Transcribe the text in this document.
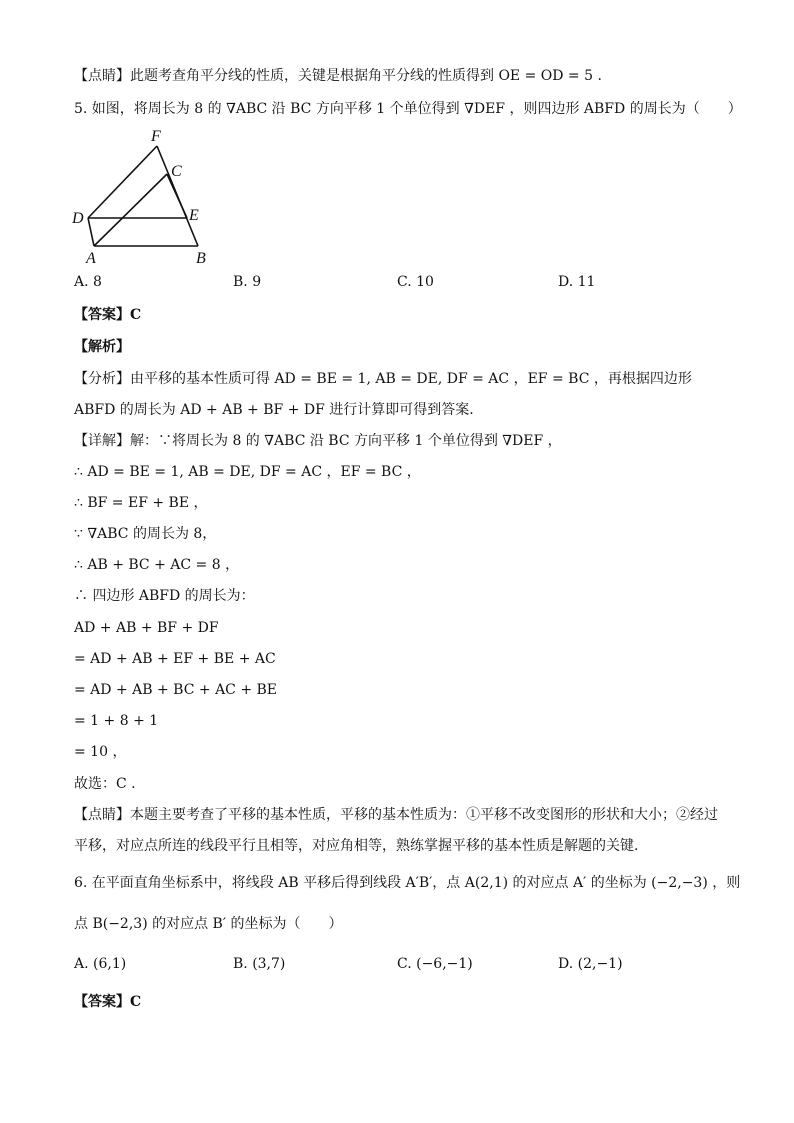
【点睛】此题考查角平分线的性质，关键是根据角平分线的性质得到 OE = OD = 5 .
5. 如图，将周长为 8 的 ∇ABC 沿 BC 方向平移 1 个单位得到 ∇DEF ，则四边形 ABFD 的周长为（　　）
F
C
D	E
A	B
A. 8	B. 9	C. 10	D. 11
【答案】C
【解析】
【分析】由平移的基本性质可得 AD = BE = 1, AB = DE, DF = AC ，EF = BC ，再根据四边形
ABFD 的周长为 AD + AB + BF + DF 进行计算即可得到答案.
【详解】解：∵将周长为 8 的 ∇ABC 沿 BC 方向平移 1 个单位得到 ∇DEF ，
∴ AD = BE = 1, AB = DE, DF = AC ，EF = BC ，
∴ BF = EF + BE ，
∵ ∇ABC 的周长为 8，
∴ AB + BC + AC = 8 ，
∴ 四边形 ABFD 的周长为：
AD + AB + BF + DF
= AD + AB + EF + BE + AC
= AD + AB + BC + AC + BE
= 1 + 8 + 1
= 10 ，
故选：C .
【点睛】本题主要考查了平移的基本性质，平移的基本性质为：①平移不改变图形的形状和大小；②经过
平移，对应点所连的线段平行且相等，对应角相等，熟练掌握平移的基本性质是解题的关键.
6. 在平面直角坐标系中，将线段 AB 平移后得到线段 A′B′，点 A(2,1) 的对应点 A′ 的坐标为 (−2,−3) ，则
点 B(−2,3) 的对应点 B′ 的坐标为（　　）
A. (6,1)	B. (3,7)	C. (−6,−1)	D. (2,−1)
【答案】C
